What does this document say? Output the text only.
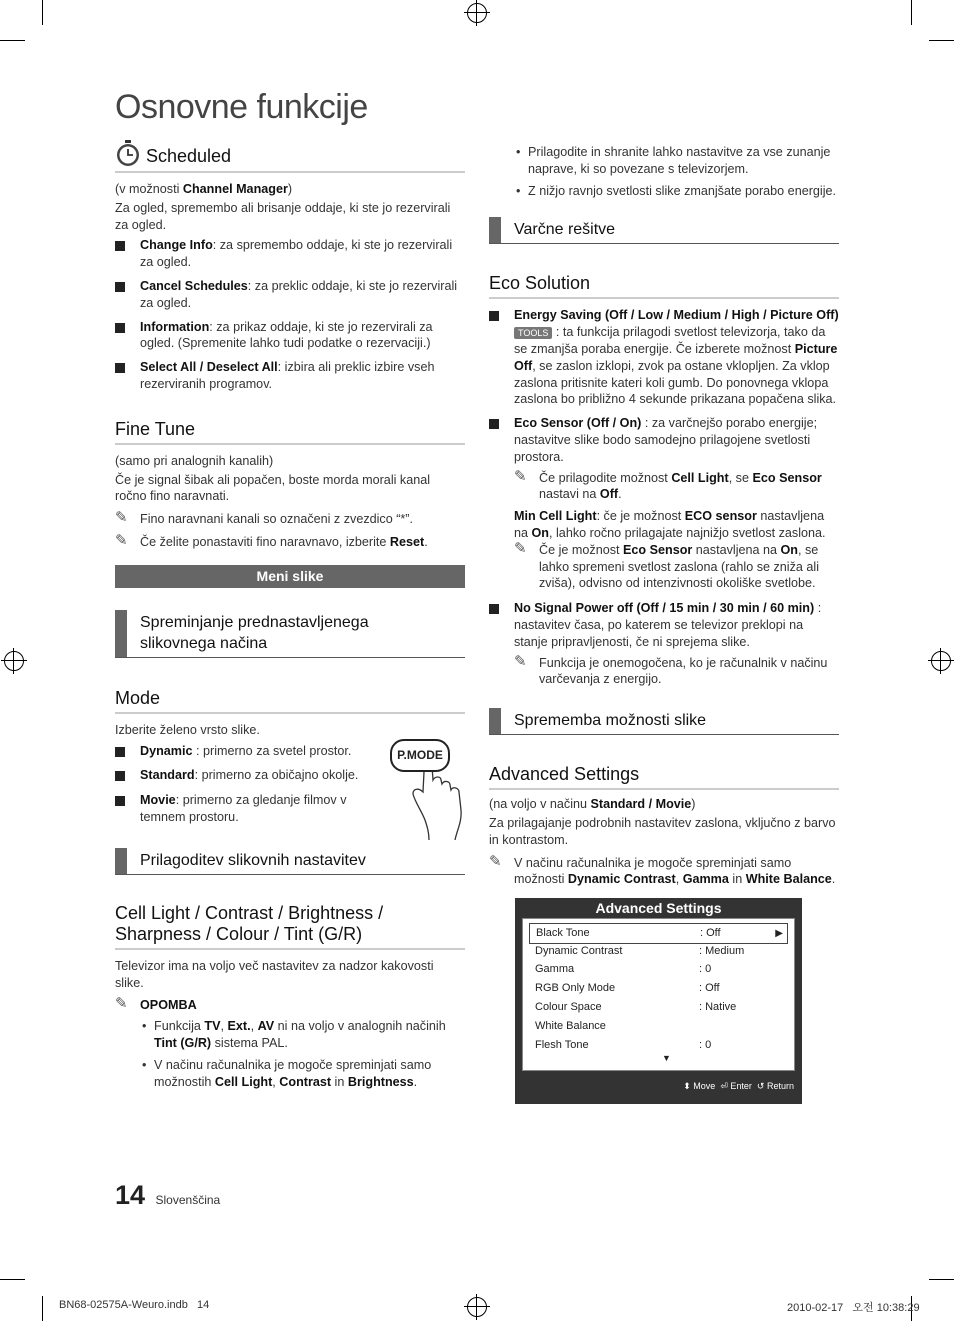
Osnovne funkcije
Scheduled
(v možnosti Channel Manager)

Za ogled, spremembo ali brisanje oddaje, ki ste jo rezervirali za ogled.

Change Info: za spremembo oddaje, ki ste jo rezervirali za ogled.
Cancel Schedules: za preklic oddaje, ki ste jo rezervirali za ogled.
Information: za prikaz oddaje, ki ste jo rezervirali za ogled. (Spremenite lahko tudi podatke o rezervaciji.)
Select All / Deselect All: izbira ali preklic izbire vseh rezerviranih programov.
Fine Tune

(samo pri analognih kanalih)

Če je signal šibak ali popačen, boste morda morali kanal ročno fino naravnati.

✎ Fino naravnani kanali so označeni z zvezdico “*”.
✎ Če želite ponastaviti fino naravnavo, izberite Reset.
Meni slike
Spreminjanje prednastavljenega
slikovnega načina
Mode

Izberite želeno vrsto slike.

Dynamic : primerno za svetel prostor.
Standard: primerno za običajno okolje.
Movie: primerno za gledanje filmov v temnem prostoru.
P.MODE
Prilagoditev slikovnih nastavitev
Cell Light / Contrast / Brightness /
Sharpness / Colour / Tint (G/R)

Televizor ima na voljo več nastavitev za nadzor kakovosti slike.

✎ OPOMBA
• Funkcija TV, Ext., AV ni na voljo v analognih načinih Tint (G/R) sistema PAL.
• V načinu računalnika je mogoče spreminjati samo možnostih Cell Light, Contrast in Brightness.
• Prilagodite in shranite lahko nastavitve za vse zunanje naprave, ki so povezane s televizorjem.
• Z nižjo ravnjo svetlosti slike zmanjšate porabo energije.
Varčne rešitve
Eco Solution
Energy Saving (Off / Low / Medium / High / Picture Off) TOOLS : ta funkcija prilagodi svetlost televizorja, tako da se zmanjša poraba energije. Če izberete možnost Picture Off, se zaslon izklopi, zvok pa ostane vklopljen. Za vklop zaslona pritisnite kateri koli gumb. Do ponovnega vklopa zaslona bo približno 4 sekunde prikazana popačena slika.
Eco Sensor (Off / On) : za varčnejšo porabo energije; nastavitve slike bodo samodejno prilagojene svetlosti prostora.
✎ Če prilagodite možnost Cell Light, se Eco Sensor nastavi na Off.
Min Cell Light: če je možnost ECO sensor nastavljena na On, lahko ročno prilagajate najnižjo svetlost zaslona.
✎ Če je možnost Eco Sensor nastavljena na On, se lahko spremeni svetlost zaslona (rahlo se zniža ali zviša), odvisno od intenzivnosti okoliške svetlobe.
No Signal Power off (Off / 15 min / 30 min / 60 min) : nastavitev časa, po katerem se televizor preklopi na stanje pripravljenosti, če ni sprejema slike.
✎ Funkcija je onemogočena, ko je računalnik v načinu varčevanja z energijo.
Sprememba možnosti slike
Advanced Settings
(na voljo v načinu Standard / Movie)

Za prilagajanje podrobnih nastavitev zaslona, vključno z barvo in kontrastom.

✎ V načinu računalnika je mogoče spreminjati samo možnosti Dynamic Contrast, Gamma in White Balance.
Advanced Settings
Black Tone	: Off	▶
Dynamic Contrast	: Medium
Gamma	: 0
RGB Only Mode	: Off
Colour Space	: Native
White Balance
Flesh Tone	: 0
▼
⬍ Move ⏎ Enter ↺ Return
14 Slovenščina
BN68-02575A-Weuro.indb   14	2010-02-17   오전 10:38:29
